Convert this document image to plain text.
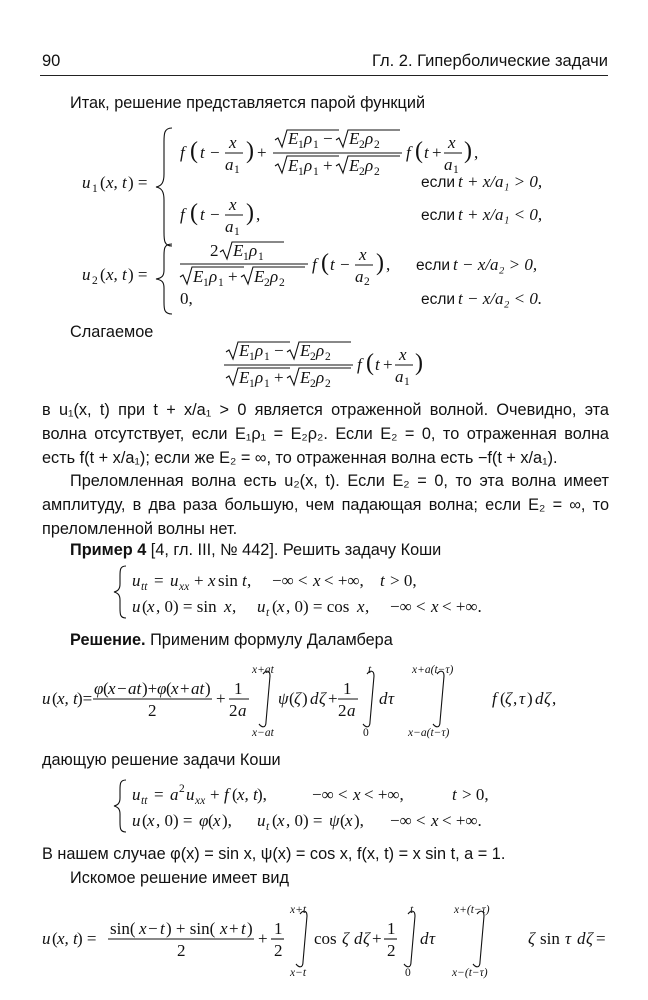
90	Гл. 2. Гиперболические задачи
Итак, решение представляется парой функций
u 1 ( x, t ) =
f ( t −
x
a 1
) +
E 1 ρ 1 − E 2 ρ 2
E 1 ρ 1 + E 2 ρ 2
f ( t +
x
a 1
) ,
если t + x/a₁ > 0,
f ( t −
x
a 1
) ,	если t + x/a₁ < 0,
u 2 ( x, t ) =
2 E 1 ρ 1
E 1 ρ 1 + E 2 ρ 2
f ( t −
x
a 2
) , если t − x/a₂ > 0,
0,	если t − x/a₂ < 0.
Слагаемое
E 1 ρ 1 − E 2 ρ 2
E 1 ρ 1 + E 2 ρ 2
f ( t +
x
a 1
)
в u₁(x, t) при t + x/a₁ > 0 является отраженной волной. Очевидно, эта волна отсутствует, если E₁ρ₁ = E₂ρ₂. Если E₂ = 0, то отраженная волна есть f(t + x/a₁); если же E₂ = ∞, то отраженная волна есть −f(t + x/a₁).
Преломленная волна есть u₂(x, t). Если E₂ = 0, то эта волна имеет амплитуду, в два раза большую, чем падающая волна; если E₂ = ∞, то преломленной волны нет.
Пример 4 [4, гл. III, № 442]. Решить задачу Коши
u tt = u xx + x sin t , −∞ < x < +∞, t > 0,
u ( x , 0) = sin x , u t ( x , 0) = cos x , −∞ < x < +∞.
Решение. Применим формулу Даламбера
u ( x, t )=
φ ( x − at )+ φ ( x + at )
2
+
1
2 a
x+at
x−at
ψ ( ζ ) d ζ +
1
2 a
t
0
d τ
x+a(t−τ)
x−a(t−τ)
f ( ζ , τ ) d ζ ,
дающую решение задачи Коши
u tt = a 2 u xx + f ( x, t ),	−∞ < x < +∞,	t > 0,
u ( x , 0) = φ ( x ), u t ( x , 0) = ψ ( x ), −∞ < x < +∞.
В нашем случае φ(x) = sin x, ψ(x) = cos x, f(x, t) = x sin t, a = 1.
Искомое решение имеет вид
u ( x, t ) =
sin( x − t ) + sin( x + t )
2
+
1
2
x+t
x−t
cos ζ d ζ +
1
2
t
0
d τ
x+(t−τ)
x−(t−τ)
ζ sin τ d ζ =
